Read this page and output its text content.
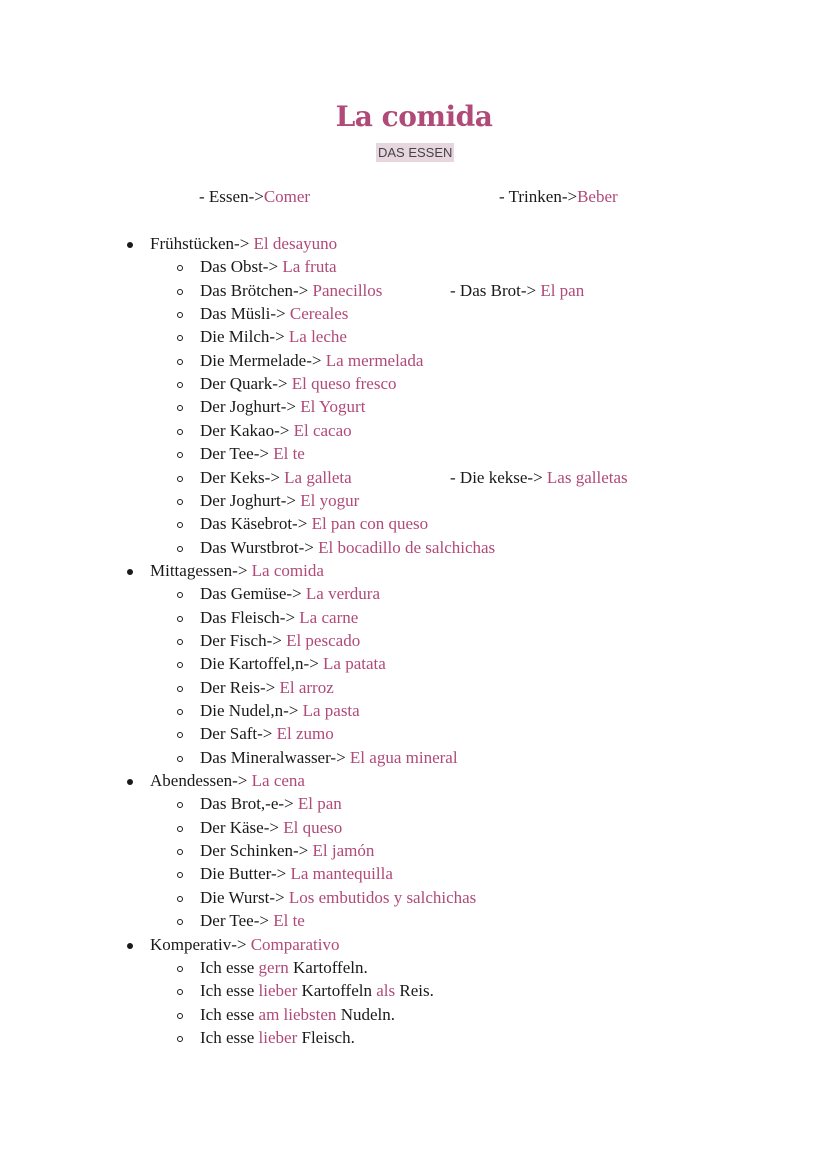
La comida
DAS ESSEN
- Essen->Comer	- Trinken->Beber
Frühstücken-> El desayuno
Das Obst-> La fruta
Das Brötchen-> Panecillos	- Das Brot-> El pan
Das Müsli-> Cereales
Die Milch-> La leche
Die Mermelade-> La mermelada
Der Quark-> El queso fresco
Der Joghurt-> El Yogurt
Der Kakao-> El cacao
Der Tee-> El te
Der Keks-> La galleta	- Die kekse-> Las galletas
Der Joghurt-> El yogur
Das Käsebrot-> El pan con queso
Das Wurstbrot-> El bocadillo de salchichas
Mittagessen-> La comida
Das Gemüse-> La verdura
Das Fleisch-> La carne
Der Fisch-> El pescado
Die Kartoffel,n-> La patata
Der Reis-> El arroz
Die Nudel,n-> La pasta
Der Saft-> El zumo
Das Mineralwasser-> El agua mineral
Abendessen-> La cena
Das Brot,-e-> El pan
Der Käse-> El queso
Der Schinken-> El jamón
Die Butter-> La mantequilla
Die Wurst-> Los embutidos y salchichas
Der Tee-> El te
Komperativ-> Comparativo
Ich esse gern Kartoffeln.
Ich esse lieber Kartoffeln als Reis.
Ich esse am liebsten Nudeln.
Ich esse lieber Fleisch.
